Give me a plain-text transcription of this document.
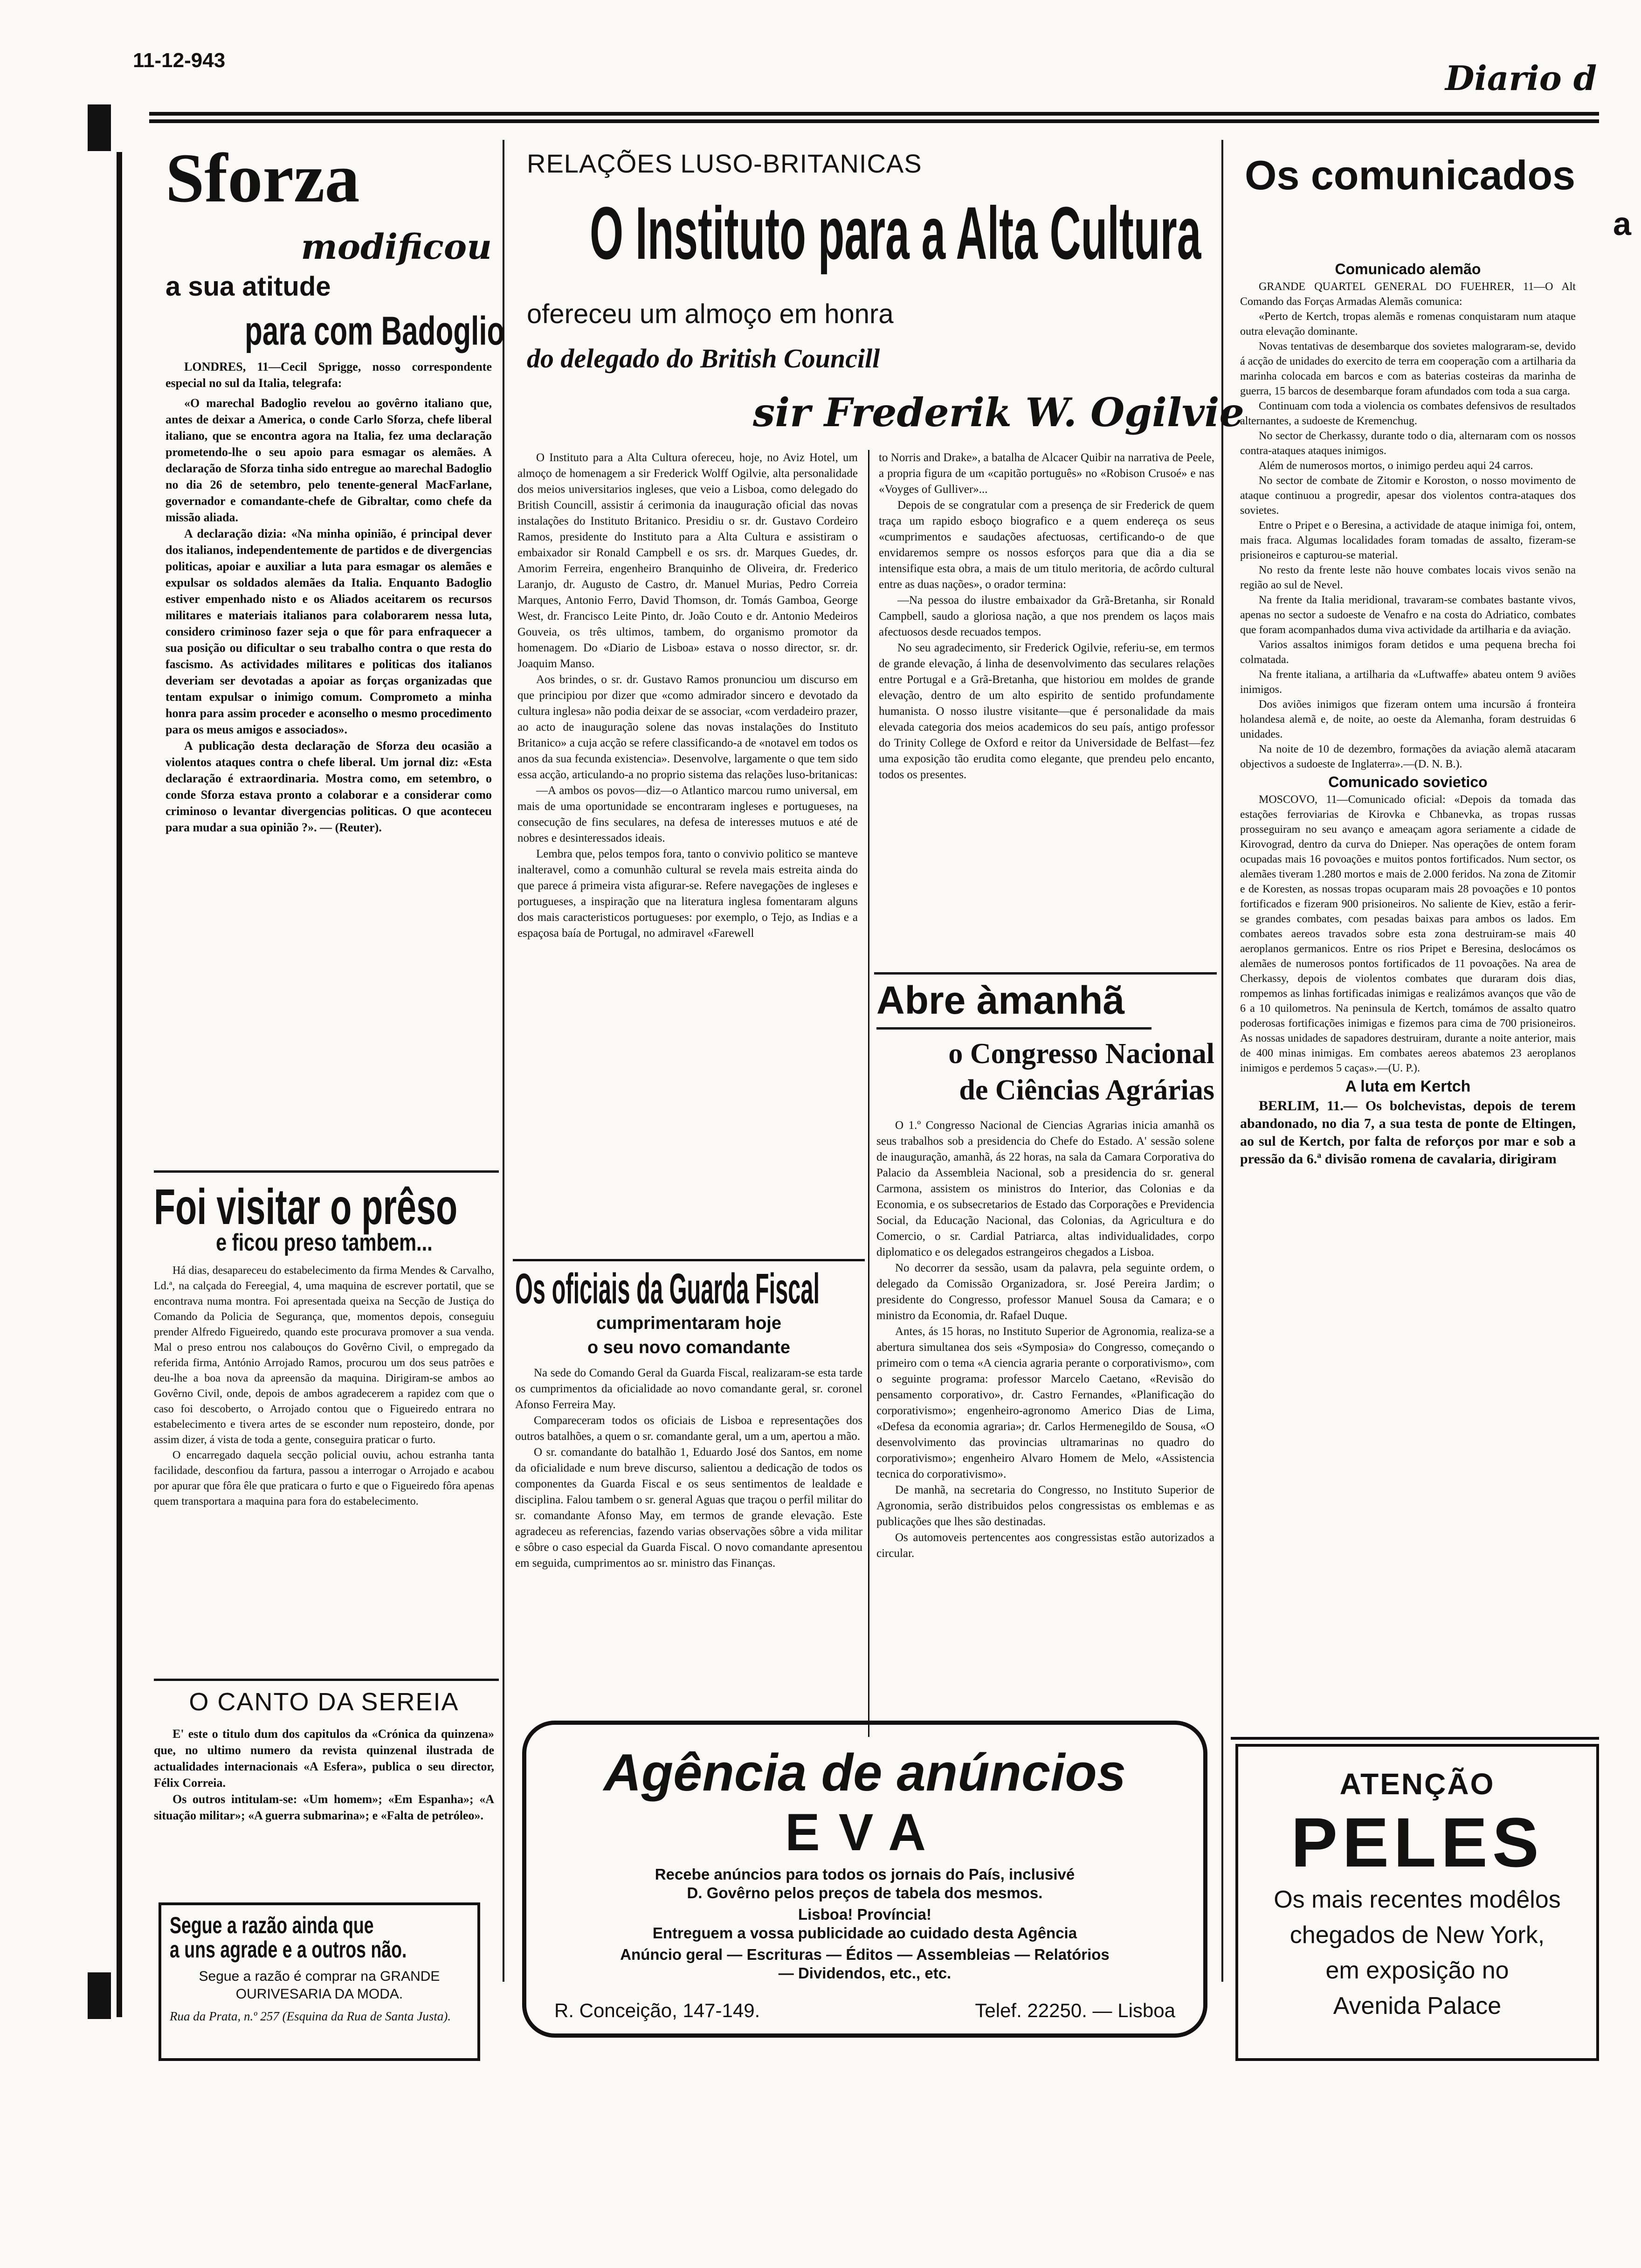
11-12-943	Diario d
Sforza
modificou
a sua atitude
para com Badoglio

LONDRES, 11—Cecil Sprigge, nosso correspondente especial no sul da Italia, telegrafa:

«O marechal Badoglio revelou ao govêrno italiano que, antes de deixar a America, o conde Carlo Sforza, chefe liberal italiano, que se encontra agora na Italia, fez uma declaração prometendo-lhe o seu apoio para esmagar os alemães. A declaração de Sforza tinha sido entregue ao marechal Badoglio no dia 26 de setembro, pelo tenente-general MacFarlane, governador e comandante-chefe de Gibraltar, como chefe da missão aliada.

A declaração dizia: «Na minha opinião, é principal dever dos italianos, independentemente de partidos e de divergencias politicas, apoiar e auxiliar a luta para esmagar os alemães e expulsar os soldados alemães da Italia. Enquanto Badoglio estiver empenhado nisto e os Aliados aceitarem os recursos militares e materiais italianos para colaborarem nessa luta, considero criminoso fazer seja o que fôr para enfraquecer a sua posição ou dificultar o seu trabalho contra o que resta do fascismo. As actividades militares e politicas dos italianos deveriam ser devotadas a apoiar as forças organizadas que tentam expulsar o inimigo comum. Comprometo a minha honra para assim proceder e aconselho o mesmo procedimento para os meus amigos e associados».

A publicação desta declaração de Sforza deu ocasião a violentos ataques contra o chefe liberal. Um jornal diz: «Esta declaração é extraordinaria. Mostra como, em setembro, o conde Sforza estava pronto a colaborar e a considerar como criminoso o levantar divergencias politicas. O que aconteceu para mudar a sua opinião ?». — (Reuter).

Foi visitar o prêso
e ficou preso tambem...

Há dias, desapareceu do estabelecimento da firma Mendes & Carvalho, Ld.ª, na calçada do Fereegial, 4, uma maquina de escrever portatil, que se encontrava numa montra. Foi apresentada queixa na Secção de Justiça do Comando da Policia de Segurança, que, momentos depois, conseguiu prender Alfredo Figueiredo, quando este procurava promover a sua venda. Mal o preso entrou nos calabouços do Govêrno Civil, o empregado da referida firma, António Arrojado Ramos, procurou um dos seus patrões e deu-lhe a boa nova da apreensão da maquina. Dirigiram-se ambos ao Govêrno Civil, onde, depois de ambos agradecerem a rapidez com que o caso foi descoberto, o Arrojado contou que o Figueiredo entrara no estabelecimento e tivera artes de se esconder num reposteiro, donde, por assim dizer, á vista de toda a gente, conseguira praticar o furto.

O encarregado daquela secção policial ouviu, achou estranha tanta facilidade, desconfiou da fartura, passou a interrogar o Arrojado e acabou por apurar que fôra êle que praticara o furto e que o Figueiredo fôra apenas quem transportara a maquina para fora do estabelecimento.

O CANTO DA SEREIA

E' este o titulo dum dos capitulos da «Crónica da quinzena» que, no ultimo numero da revista quinzenal ilustrada de actualidades internacionais «A Esfera», publica o seu director, Félix Correia.

Os outros intitulam-se: «Um homem»; «Em Espanha»; «A situação militar»; «A guerra submarina»; e «Falta de petróleo».

Segue a razão ainda que
a uns agrade e a outros não.
Segue a razão é comprar na GRANDE OURIVESARIA DA MODA.
Rua da Prata, n.º 257 (Esquina da Rua de Santa Justa).
RELAÇÕES LUSO-BRITANICAS
O Instituto para a Alta Cultura
ofereceu um almoço em honra
do delegado do British Councill
sir Frederik W. Ogilvie

O Instituto para a Alta Cultura ofereceu, hoje, no Aviz Hotel, um almoço de homenagem a sir Frederick Wolff Ogilvie, alta personalidade dos meios universitarios ingleses, que veio a Lisboa, como delegado do British Councill, assistir á cerimonia da inauguração oficial das novas instalações do Instituto Britanico. Presidiu o sr. dr. Gustavo Cordeiro Ramos, presidente do Instituto para a Alta Cultura e assistiram o embaixador sir Ronald Campbell e os srs. dr. Marques Guedes, dr. Amorim Ferreira, engenheiro Branquinho de Oliveira, dr. Frederico Laranjo, dr. Augusto de Castro, dr. Manuel Murias, Pedro Correia Marques, Antonio Ferro, David Thomson, dr. Tomás Gamboa, George West, dr. Francisco Leite Pinto, dr. João Couto e dr. Antonio Medeiros Gouveia, os três ultimos, tambem, do organismo promotor da homenagem. Do «Diario de Lisboa» estava o nosso director, sr. dr. Joaquim Manso.

Aos brindes, o sr. dr. Gustavo Ramos pronunciou um discurso em que principiou por dizer que «como admirador sincero e devotado da cultura inglesa» não podia deixar de se associar, «com verdadeiro prazer, ao acto de inauguração solene das novas instalações do Instituto Britanico» a cuja acção se refere classificando-a de «notavel em todos os anos da sua fecunda existencia». Desenvolve, largamente o que tem sido essa acção, articulando-a no proprio sistema das relações luso-britanicas:

—A ambos os povos—diz—o Atlantico marcou rumo universal, em mais de uma oportunidade se encontraram ingleses e portugueses, na consecução de fins seculares, na defesa de interesses mutuos e até de nobres e desinteressados ideais.

Lembra que, pelos tempos fora, tanto o convivio politico se manteve inalteravel, como a comunhão cultural se revela mais estreita ainda do que parece á primeira vista afigurar-se. Refere navegações de ingleses e portugueses, a inspiração que na literatura inglesa fomentaram alguns dos mais caracteristicos portugueses: por exemplo, o Tejo, as Indias e a espaçosa baía de Portugal, no admiravel «Farewell

to Norris and Drake», a batalha de Alcacer Quibir na narrativa de Peele, a propria figura de um «capitão português» no «Robison Crusoé» e nas «Voyges of Gulliver»...

Depois de se congratular com a presença de sir Frederick de quem traça um rapido esboço biografico e a quem endereça os seus «cumprimentos e saudações afectuosas, certificando-o de que envidaremos sempre os nossos esforços para que dia a dia se intensifique esta obra, a mais de um titulo meritoria, de acôrdo cultural entre as duas nações», o orador termina:

—Na pessoa do ilustre embaixador da Grã-Bretanha, sir Ronald Campbell, saudo a gloriosa nação, a que nos prendem os laços mais afectuosos desde recuados tempos.

No seu agradecimento, sir Frederick Ogilvie, referiu-se, em termos de grande elevação, á linha de desenvolvimento das seculares relações entre Portugal e a Grã-Bretanha, que historiou em moldes de grande elevação, dentro de um alto espirito de sentido profundamente humanista. O nosso ilustre visitante—que é personalidade da mais elevada categoria dos meios academicos do seu país, antigo professor do Trinity College de Oxford e reitor da Universidade de Belfast—fez uma exposição tão erudita como elegante, que prendeu pelo encanto, todos os presentes.

Os oficiais da Guarda Fiscal
cumprimentaram hoje
o seu novo comandante

Na sede do Comando Geral da Guarda Fiscal, realizaram-se esta tarde os cumprimentos da oficialidade ao novo comandante geral, sr. coronel Afonso Ferreira May.

Compareceram todos os oficiais de Lisboa e representações dos outros batalhões, a quem o sr. comandante geral, um a um, apertou a mão.

O sr. comandante do batalhão 1, Eduardo José dos Santos, em nome da oficialidade e num breve discurso, salientou a dedicação de todos os componentes da Guarda Fiscal e os seus sentimentos de lealdade e disciplina. Falou tambem o sr. general Aguas que traçou o perfil militar do sr. comandante Afonso May, em termos de grande elevação. Este agradeceu as referencias, fazendo varias observações sôbre a vida militar e sôbre o caso especial da Guarda Fiscal. O novo comandante apresentou em seguida, cumprimentos ao sr. ministro das Finanças.

Abre àmanhã
o Congresso Nacional
de Ciências Agrárias

O 1.º Congresso Nacional de Ciencias Agrarias inicia amanhã os seus trabalhos sob a presidencia do Chefe do Estado. A' sessão solene de inauguração, amanhã, ás 22 horas, na sala da Camara Corporativa do Palacio da Assembleia Nacional, sob a presidencia do sr. general Carmona, assistem os ministros do Interior, das Colonias e da Economia, e os subsecretarios de Estado das Corporações e Previdencia Social, da Educação Nacional, das Colonias, da Agricultura e do Comercio, o sr. Cardial Patriarca, altas individualidades, corpo diplomatico e os delegados estrangeiros chegados a Lisboa.

No decorrer da sessão, usam da palavra, pela seguinte ordem, o delegado da Comissão Organizadora, sr. José Pereira Jardim; o presidente do Congresso, professor Manuel Sousa da Camara; e o ministro da Economia, dr. Rafael Duque.

Antes, ás 15 horas, no Instituto Superior de Agronomia, realiza-se a abertura simultanea dos seis «Symposia» do Congresso, começando o primeiro com o tema «A ciencia agraria perante o corporativismo», com o seguinte programa: professor Marcelo Caetano, «Revisão do pensamento corporativo», dr. Castro Fernandes, «Planificação do corporativismo»; engenheiro-agronomo Americo Dias de Lima, «Defesa da economia agraria»; dr. Carlos Hermenegildo de Sousa, «O desenvolvimento das provincias ultramarinas no quadro do corporativismo»; engenheiro Alvaro Homem de Melo, «Assistencia tecnica do corporativismo».

De manhã, na secretaria do Congresso, no Instituto Superior de Agronomia, serão distribuidos pelos congressistas os emblemas e as publicações que lhes são destinadas.

Os automoveis pertencentes aos congressistas estão autorizados a circular.

Agência de anúncios
EVA
Recebe anúncios para todos os jornais do País, inclusivé
D. Govêrno pelos preços de tabela dos mesmos.
Lisboa! Província!
Entreguem a vossa publicidade ao cuidado desta Agência
Anúncio geral — Escrituras — Éditos — Assembleias — Relatórios
— Dividendos, etc., etc.
R. Conceição, 147-149.	Telef. 22250. — Lisboa
Os comunicados
a
Comunicado alemão

GRANDE QUARTEL GENERAL DO FUEHRER, 11—O Alt Comando das Forças Armadas Alemãs comunica:

«Perto de Kertch, tropas alemãs e romenas conquistaram num ataque outra elevação dominante.

Novas tentativas de desembarque dos sovietes malograram-se, devido á acção de unidades do exercito de terra em cooperação com a artilharia da marinha colocada em barcos e com as baterias costeiras da marinha de guerra, 15 barcos de desembarque foram afundados com toda a sua carga.

Continuam com toda a violencia os combates defensivos de resultados alternantes, a sudoeste de Kremenchug.

No sector de Cherkassy, durante todo o dia, alternaram com os nossos contra-ataques ataques inimigos.

Além de numerosos mortos, o inimigo perdeu aqui 24 carros.

No sector de combate de Zitomir e Koroston, o nosso movimento de ataque continuou a progredir, apesar dos violentos contra-ataques dos sovietes.

Entre o Pripet e o Beresina, a actividade de ataque inimiga foi, ontem, mais fraca. Algumas localidades foram tomadas de assalto, fizeram-se prisioneiros e capturou-se material.

No resto da frente leste não houve combates locais vivos senão na região ao sul de Nevel.

Na frente da Italia meridional, travaram-se combates bastante vivos, apenas no sector a sudoeste de Venafro e na costa do Adriatico, combates que foram acompanhados duma viva actividade da artilharia e da aviação.

Varios assaltos inimigos foram detidos e uma pequena brecha foi colmatada.

Na frente italiana, a artilharia da «Luftwaffe» abateu ontem 9 aviões inimigos.

Dos aviões inimigos que fizeram ontem uma incursão á fronteira holandesa alemã e, de noite, ao oeste da Alemanha, foram destruidas 6 unidades.

Na noite de 10 de dezembro, formações da aviação alemã atacaram objectivos a sudoeste de Inglaterra».—(D. N. B.).

Comunicado sovietico

MOSCOVO, 11—Comunicado oficial: «Depois da tomada das estações ferroviarias de Kirovka e Chbanevka, as tropas russas prosseguiram no seu avanço e ameaçam agora seriamente a cidade de Kirovograd, dentro da curva do Dnieper. Nas operações de ontem foram ocupadas mais 16 povoações e muitos pontos fortificados. Num sector, os alemães tiveram 1.280 mortos e mais de 2.000 feridos. Na zona de Zitomir e de Koresten, as nossas tropas ocuparam mais 28 povoações e 10 pontos fortificados e fizeram 900 prisioneiros. No saliente de Kiev, estão a ferir-se grandes combates, com pesadas baixas para ambos os lados. Em combates aereos travados sobre esta zona destruiram-se mais 40 aeroplanos germanicos. Entre os rios Pripet e Beresina, deslocámos os alemães de numerosos pontos fortificados de 11 povoações. Na area de Cherkassy, depois de violentos combates que duraram dois dias, rompemos as linhas fortificadas inimigas e realizámos avanços que vão de 6 a 10 quilometros. Na peninsula de Kertch, tomámos de assalto quatro poderosas fortificações inimigas e fizemos para cima de 700 prisioneiros. As nossas unidades de sapadores destruiram, durante a noite anterior, mais de 400 minas inimigas. Em combates aereos abatemos 23 aeroplanos inimigos e perdemos 5 caças».—(U. P.).

A luta em Kertch

BERLIM, 11.— Os bolchevistas, depois de terem abandonado, no dia 7, a sua testa de ponte de Eltingen, ao sul de Kertch, por falta de reforços por mar e sob a pressão da 6.ª divisão romena de cavalaria, dirigiram

ATENÇÃO
PELES
Os mais recentes modêlos
chegados de New York,
em exposição no
Avenida Palace
